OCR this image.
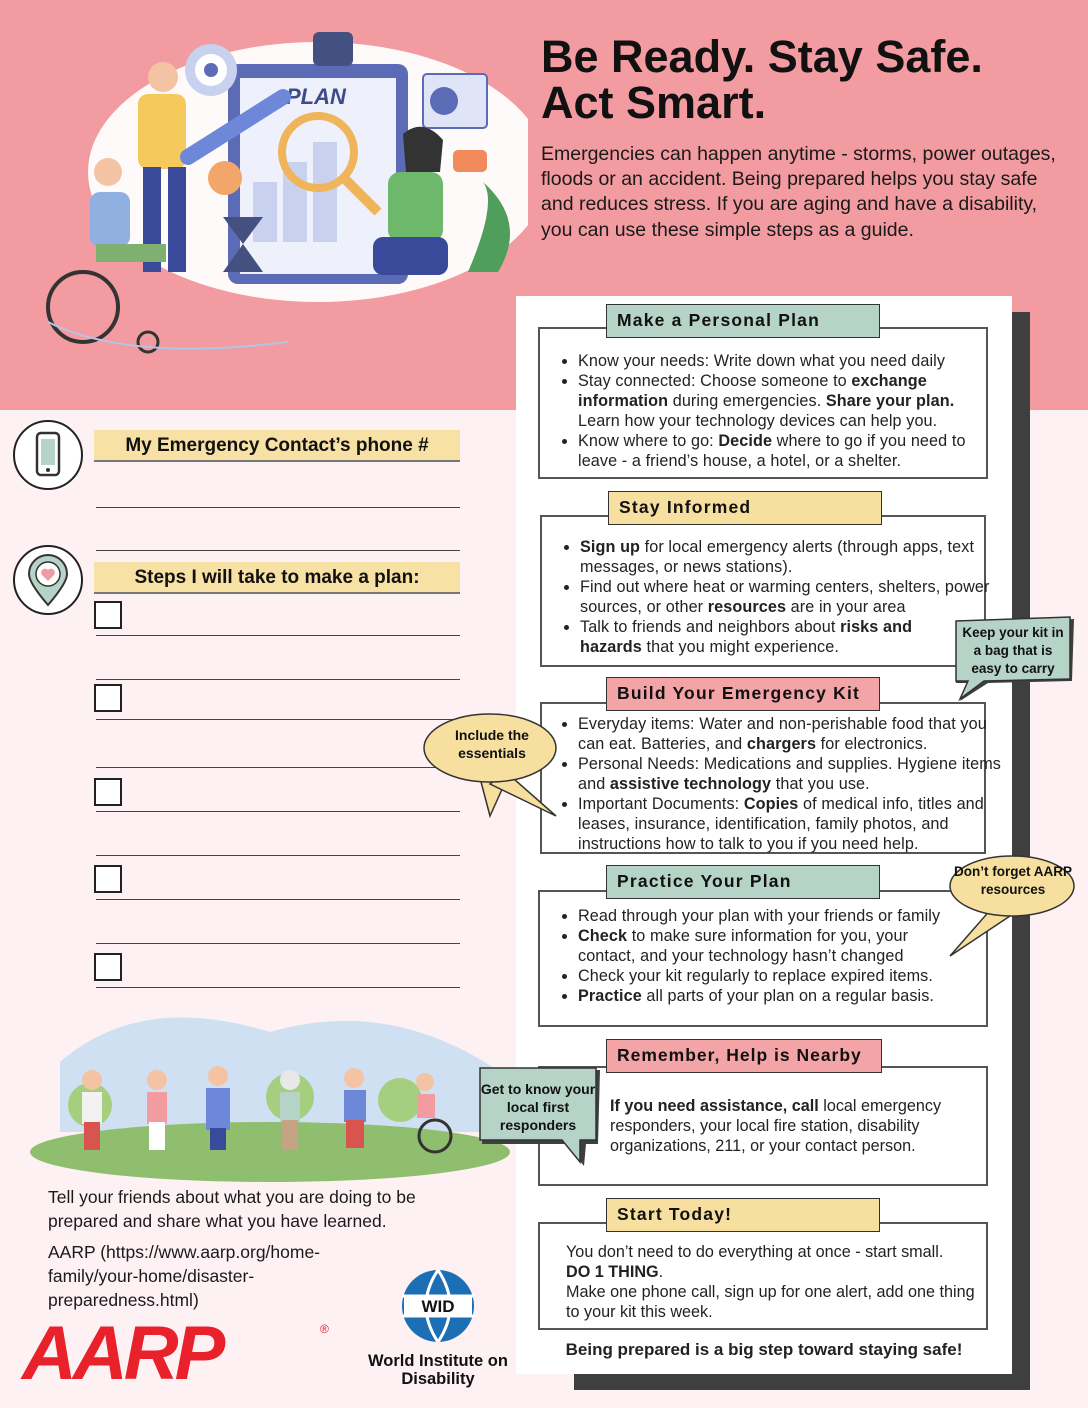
PLAN
Be Ready. Stay Safe. Act Smart.

Emergencies can happen anytime - storms, power outages, floods or an accident. Being prepared helps you stay safe and reduces stress. If you are aging and have a disability, you can use these simple steps as a guide.

My Emergency Contact’s phone #
Steps I will take to make a plan:

Tell your friends about what you are doing to be prepared and share what you have learned.

AARP (https://www.aarp.org/home-family/your-home/disaster-preparedness.html)

AARP	®
WID
World Institute on Disability
• Know your needs: Write down what you need daily
• Stay connected: Choose someone to exchange information during emergencies. Share your plan. Learn how your technology devices can help you.
• Know where to go: Decide where to go if you need to leave - a friend’s house, a hotel, or a shelter.
Make a Personal Plan
• Sign up for local emergency alerts (through apps, text messages, or news stations).
• Find out where heat or warming centers, shelters, power sources, or other resources are in your area
• Talk to friends and neighbors about risks and hazards that you might experience.
Stay Informed
• Everyday items: Water and non-perishable food that you can eat. Batteries, and chargers for electronics.
• Personal Needs: Medications and supplies. Hygiene items and assistive technology that you use.
• Important Documents: Copies of medical info, titles and leases, insurance, identification, family photos, and instructions how to talk to you if you need help.
Build Your Emergency Kit
• Read through your plan with your friends or family
• Check to make sure information for you, your contact, and your technology hasn’t changed
• Check your kit regularly to replace expired items.
• Practice all parts of your plan on a regular basis.
Practice Your Plan

If you need assistance, call local emergency responders, your local fire station, disability organizations, 211, or your contact person.

Remember, Help is Nearby

You don’t need to do everything at once - start small.
DO 1 THING.
Make one phone call, sign up for one alert, add one thing to your kit this week.

Start Today!
Being prepared is a big step toward staying safe!
Keep your kit in a bag that is easy to carry
Include the essentials
Don’t forget AARP resources
Get to know your local first responders
